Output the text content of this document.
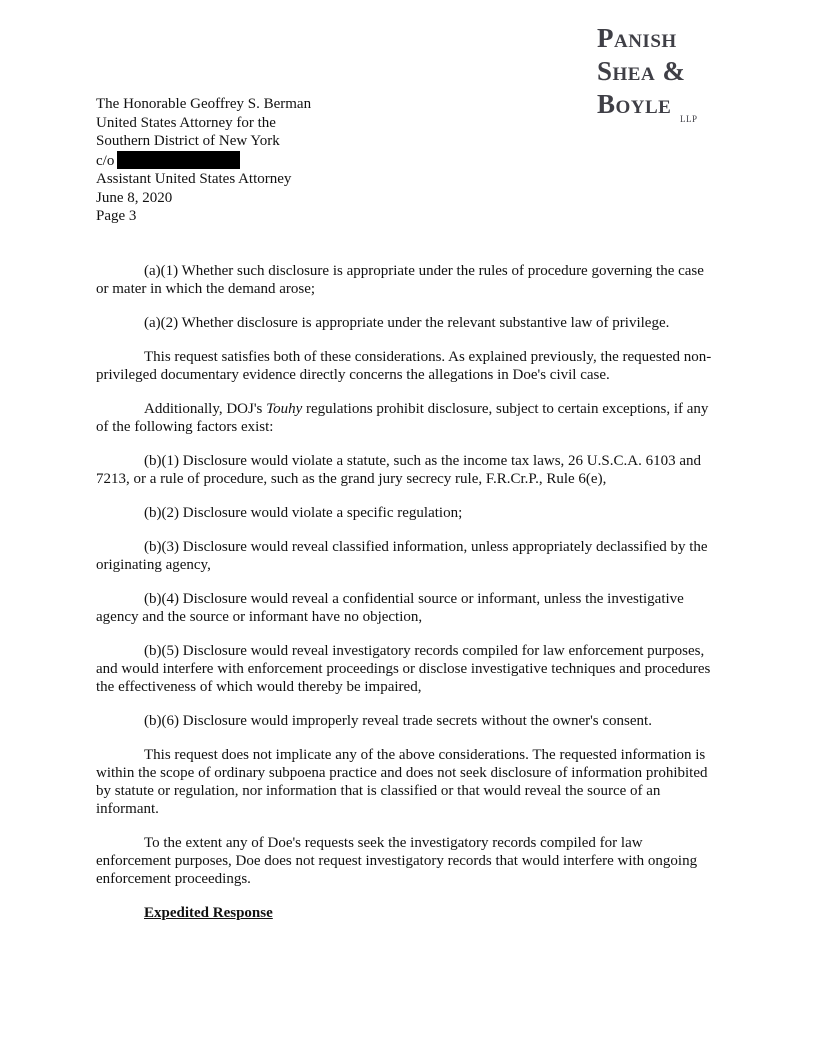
Panish
Shea &
Boyle LLP
The Honorable Geoffrey S. Berman
United States Attorney for the
Southern District of New York
c/o
Assistant United States Attorney
June 8, 2020
Page 3

(a)(1) Whether such disclosure is appropriate under the rules of procedure governing the case or mater in which the demand arose;

(a)(2) Whether disclosure is appropriate under the relevant substantive law of privilege.

This request satisfies both of these considerations. As explained previously, the requested non-privileged documentary evidence directly concerns the allegations in Doe's civil case.

Additionally, DOJ's Touhy regulations prohibit disclosure, subject to certain exceptions, if any of the following factors exist:

(b)(1) Disclosure would violate a statute, such as the income tax laws, 26 U.S.C.A. 6103 and 7213, or a rule of procedure, such as the grand jury secrecy rule, F.R.Cr.P., Rule 6(e),

(b)(2) Disclosure would violate a specific regulation;

(b)(3) Disclosure would reveal classified information, unless appropriately declassified by the originating agency,

(b)(4) Disclosure would reveal a confidential source or informant, unless the investigative agency and the source or informant have no objection,

(b)(5) Disclosure would reveal investigatory records compiled for law enforcement purposes, and would interfere with enforcement proceedings or disclose investigative techniques and procedures the effectiveness of which would thereby be impaired,

(b)(6) Disclosure would improperly reveal trade secrets without the owner's consent.

This request does not implicate any of the above considerations. The requested information is within the scope of ordinary subpoena practice and does not seek disclosure of information prohibited by statute or regulation, nor information that is classified or that would reveal the source of an informant.

To the extent any of Doe's requests seek the investigatory records compiled for law enforcement purposes, Doe does not request investigatory records that would interfere with ongoing enforcement proceedings.

Expedited Response
